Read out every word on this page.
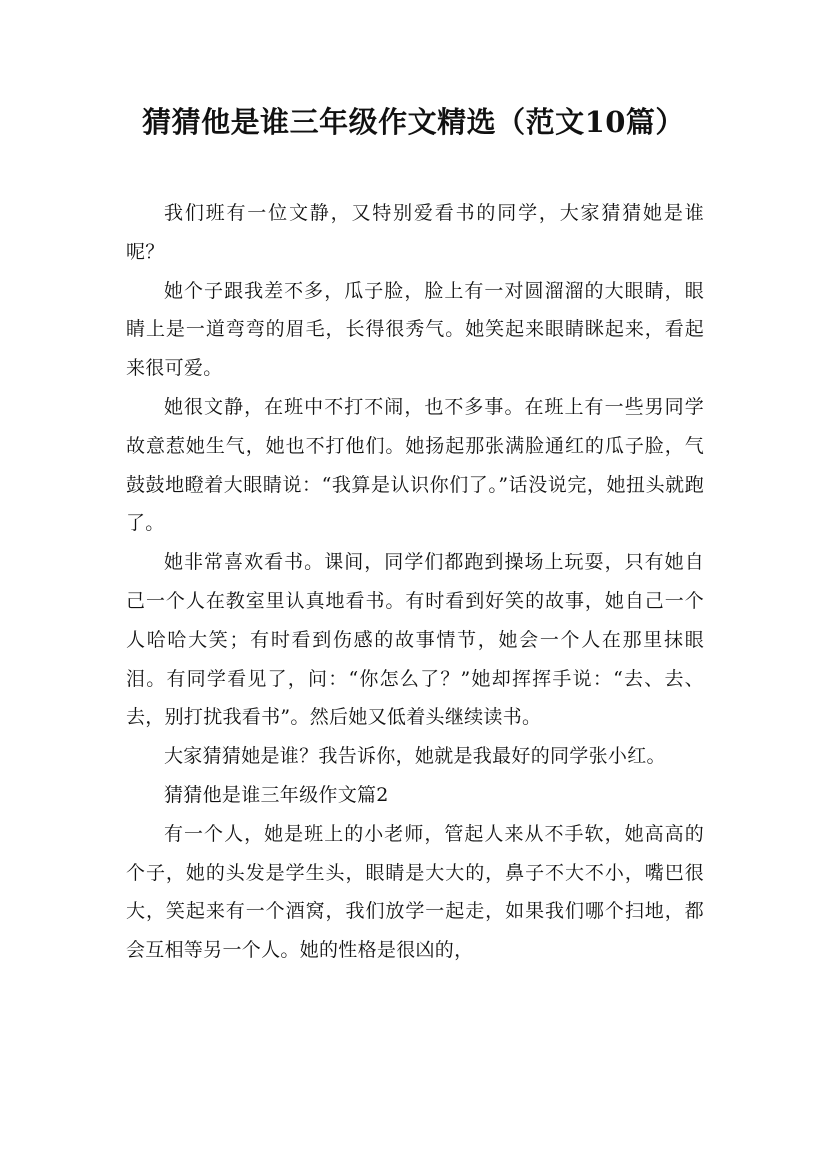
猜猜他是谁三年级作文精选（范文10篇）

我们班有一位文静，又特别爱看书的同学，大家猜猜她是谁呢？

她个子跟我差不多，瓜子脸，脸上有一对圆溜溜的大眼睛，眼睛上是一道弯弯的眉毛，长得很秀气。她笑起来眼睛眯起来，看起来很可爱。

她很文静，在班中不打不闹，也不多事。在班上有一些男同学故意惹她生气，她也不打他们。她扬起那张满脸通红的瓜子脸，气鼓鼓地瞪着大眼睛说：“我算是认识你们了。”话没说完，她扭头就跑了。

她非常喜欢看书。课间，同学们都跑到操场上玩耍，只有她自己一个人在教室里认真地看书。有时看到好笑的故事，她自己一个人哈哈大笑；有时看到伤感的故事情节，她会一个人在那里抹眼泪。有同学看见了，问：“你怎么了？”她却挥挥手说：“去、去、去，别打扰我看书”。然后她又低着头继续读书。

大家猜猜她是谁？我告诉你，她就是我最好的同学张小红。

猜猜他是谁三年级作文篇2

有一个人，她是班上的小老师，管起人来从不手软，她高高的个子，她的头发是学生头，眼睛是大大的，鼻子不大不小，嘴巴很大，笑起来有一个酒窝，我们放学一起走，如果我们哪个扫地，都会互相等另一个人。她的性格是很凶的，
